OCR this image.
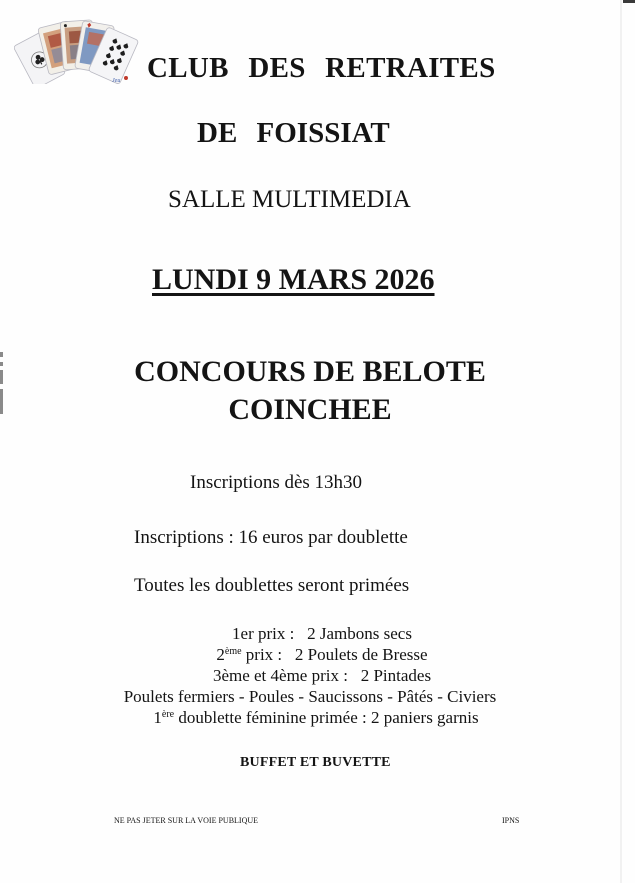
Jeu CLUB DES RETRAITES
DE FOISSIAT
SALLE MULTIMEDIA
LUNDI 9 MARS 2026
CONCOURS DE BELOTE
COINCHEE
Inscriptions dès 13h30
Inscriptions : 16 euros par doublette
Toutes les doublettes seront primées
1er prix :   2 Jambons secs
2ème prix :   2 Poulets de Bresse
3ème et 4ème prix :   2 Pintades
Poulets fermiers - Poules - Saucissons - Pâtés - Civiers
1ère doublette féminine primée : 2 paniers garnis
BUFFET ET BUVETTE
NE PAS JETER SUR LA VOIE PUBLIQUE	IPNS
